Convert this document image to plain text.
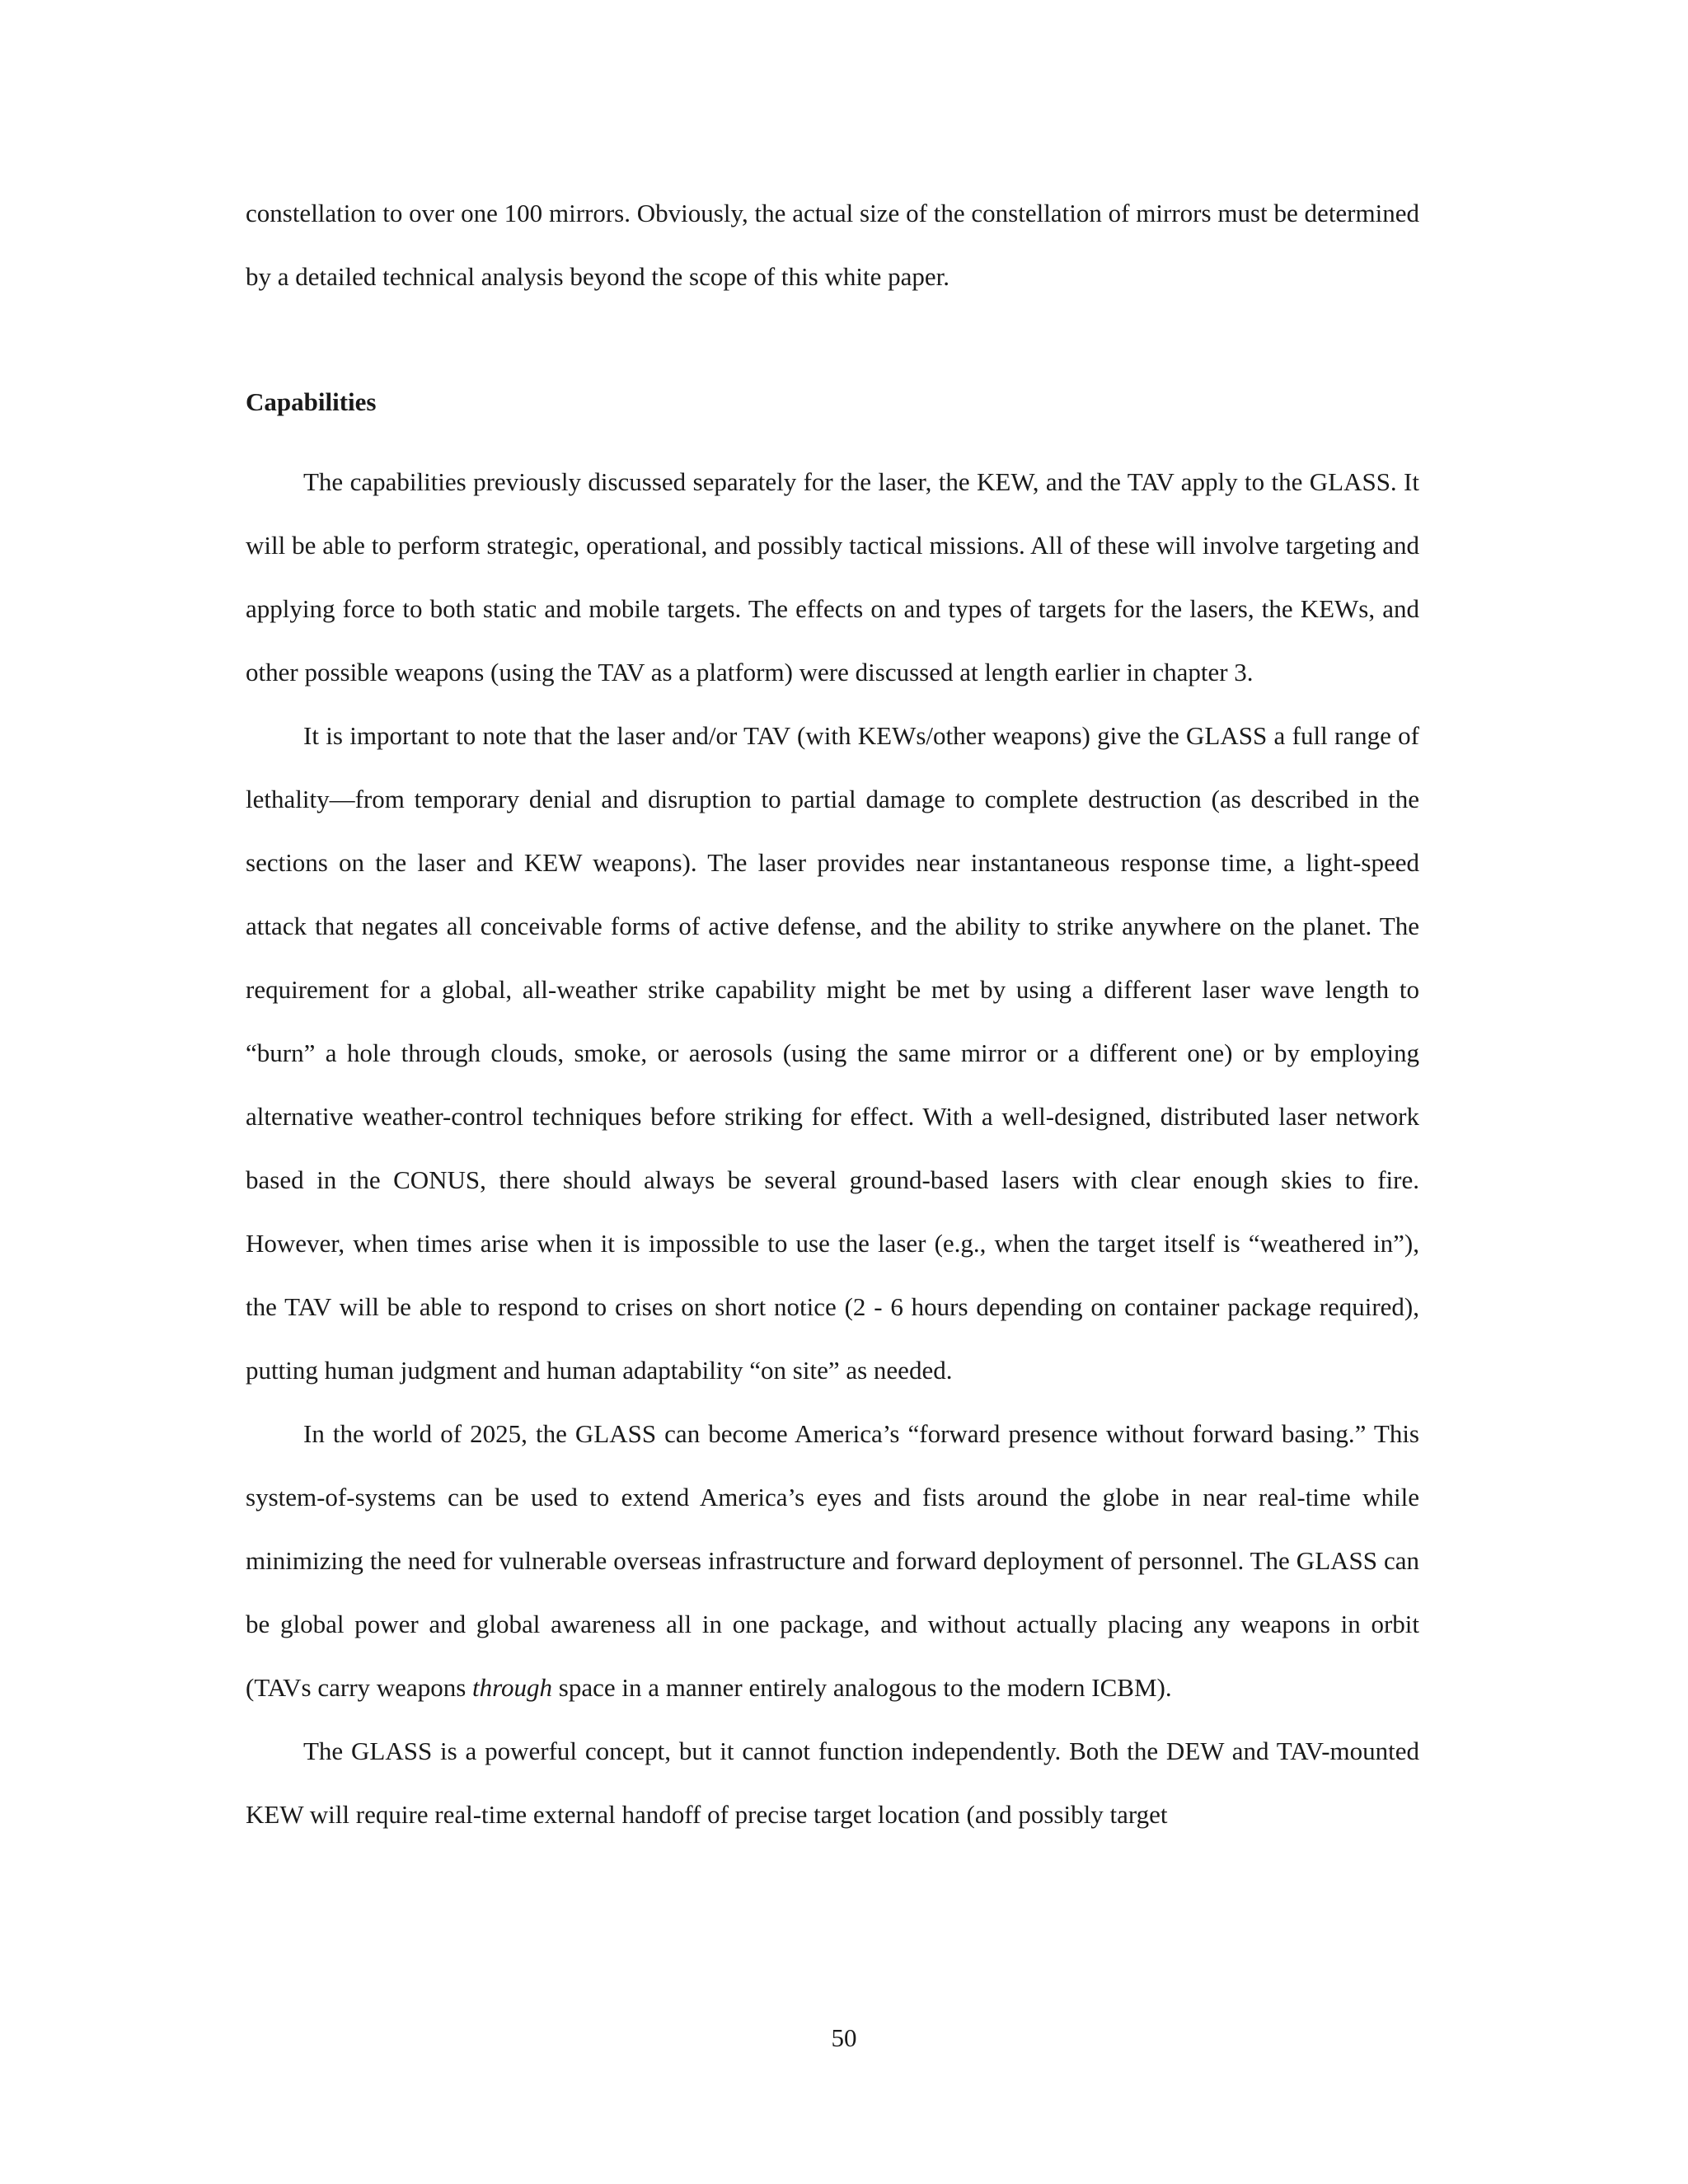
constellation to over one 100 mirrors. Obviously, the actual size of the constellation of mirrors must be determined by a detailed technical analysis beyond the scope of this white paper.

Capabilities

The capabilities previously discussed separately for the laser, the KEW, and the TAV apply to the GLASS. It will be able to perform strategic, operational, and possibly tactical missions. All of these will involve targeting and applying force to both static and mobile targets. The effects on and types of targets for the lasers, the KEWs, and other possible weapons (using the TAV as a platform) were discussed at length earlier in chapter 3.

It is important to note that the laser and/or TAV (with KEWs/other weapons) give the GLASS a full range of lethality—from temporary denial and disruption to partial damage to complete destruction (as described in the sections on the laser and KEW weapons). The laser provides near instantaneous response time, a light-speed attack that negates all conceivable forms of active defense, and the ability to strike anywhere on the planet. The requirement for a global, all-weather strike capability might be met by using a different laser wave length to “burn” a hole through clouds, smoke, or aerosols (using the same mirror or a different one) or by employing alternative weather-control techniques before striking for effect. With a well-designed, distributed laser network based in the CONUS, there should always be several ground-based lasers with clear enough skies to fire. However, when times arise when it is impossible to use the laser (e.g., when the target itself is “weathered in”), the TAV will be able to respond to crises on short notice (2 - 6 hours depending on container package required), putting human judgment and human adaptability “on site” as needed.

In the world of 2025, the GLASS can become America’s “forward presence without forward basing.” This system-of-systems can be used to extend America’s eyes and fists around the globe in near real-time while minimizing the need for vulnerable overseas infrastructure and forward deployment of personnel. The GLASS can be global power and global awareness all in one package, and without actually placing any weapons in orbit (TAVs carry weapons through space in a manner entirely analogous to the modern ICBM).

The GLASS is a powerful concept, but it cannot function independently. Both the DEW and TAV-mounted KEW will require real-time external handoff of precise target location (and possibly target

50
